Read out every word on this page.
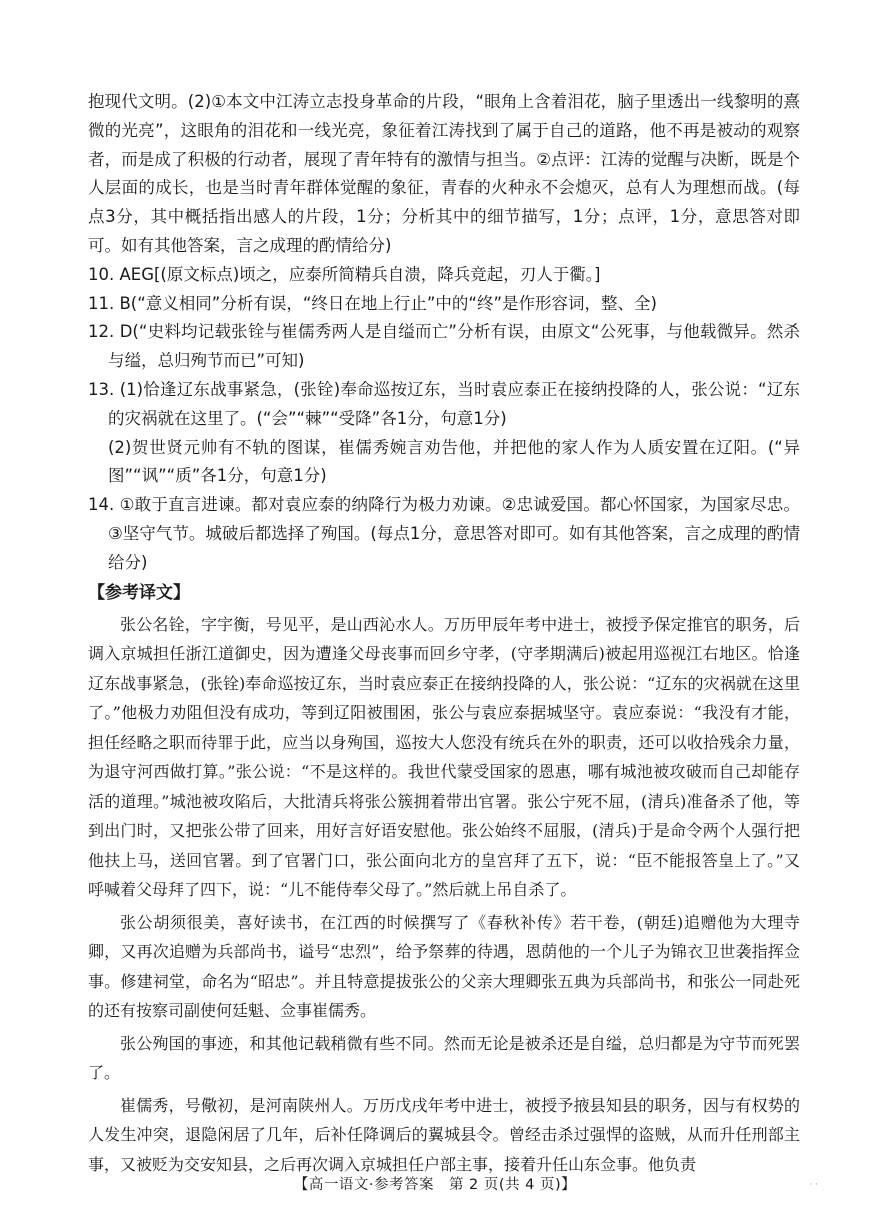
抱现代文明。(2)①本文中江涛立志投身革命的片段，“眼角上含着泪花，脑子里透出一线黎明的熹微的光亮”，这眼角的泪花和一线光亮，象征着江涛找到了属于自己的道路，他不再是被动的观察者，而是成了积极的行动者，展现了青年特有的激情与担当。②点评：江涛的觉醒与决断，既是个人层面的成长，也是当时青年群体觉醒的象征，青春的火种永不会熄灭，总有人为理想而战。(每点3分，其中概括指出感人的片段，1分；分析其中的细节描写，1分；点评，1分，意思答对即可。如有其他答案，言之成理的酌情给分)

10. AEG[(原文标点)顷之，应泰所简精兵自溃，降兵竞起，刃人于衢。]

11. B(“意义相同”分析有误，“终日在地上行止”中的“终”是作形容词，整、全)

12. D(“史料均记载张铨与崔儒秀两人是自缢而亡”分析有误，由原文“公死事，与他载微异。然杀与缢，总归殉节而已”可知)

13. (1)恰逢辽东战事紧急，(张铨)奉命巡按辽东，当时袁应泰正在接纳投降的人，张公说：“辽东的灾祸就在这里了。(“会”“棘”“受降”各1分，句意1分)

(2)贺世贤元帅有不轨的图谋，崔儒秀婉言劝告他，并把他的家人作为人质安置在辽阳。(“异图”“讽”“质”各1分，句意1分)

14. ①敢于直言进谏。都对袁应泰的纳降行为极力劝谏。②忠诚爱国。都心怀国家，为国家尽忠。③坚守气节。城破后都选择了殉国。(每点1分，意思答对即可。如有其他答案，言之成理的酌情给分)

【参考译文】

张公名铨，字宇衡，号见平，是山西沁水人。万历甲辰年考中进士，被授予保定推官的职务，后调入京城担任浙江道御史，因为遭逢父母丧事而回乡守孝，(守孝期满后)被起用巡视江右地区。恰逢辽东战事紧急，(张铨)奉命巡按辽东，当时袁应泰正在接纳投降的人，张公说：“辽东的灾祸就在这里了。”他极力劝阻但没有成功，等到辽阳被围困，张公与袁应泰据城坚守。袁应泰说：“我没有才能，担任经略之职而待罪于此，应当以身殉国，巡按大人您没有统兵在外的职责，还可以收拾残余力量，为退守河西做打算。”张公说：“不是这样的。我世代蒙受国家的恩惠，哪有城池被攻破而自己却能存活的道理。”城池被攻陷后，大批清兵将张公簇拥着带出官署。张公宁死不屈，(清兵)准备杀了他，等到出门时，又把张公带了回来，用好言好语安慰他。张公始终不屈服，(清兵)于是命令两个人强行把他扶上马，送回官署。到了官署门口，张公面向北方的皇宫拜了五下，说：“臣不能报答皇上了。”又呼喊着父母拜了四下，说：“儿不能侍奉父母了。”然后就上吊自杀了。

张公胡须很美，喜好读书，在江西的时候撰写了《春秋补传》若干卷，(朝廷)追赠他为大理寺卿，又再次追赠为兵部尚书，谥号“忠烈”，给予祭葬的待遇，恩荫他的一个儿子为锦衣卫世袭指挥佥事。修建祠堂，命名为“昭忠”。并且特意提拔张公的父亲大理卿张五典为兵部尚书，和张公一同赴死的还有按察司副使何廷魁、佥事崔儒秀。

张公殉国的事迹，和其他记载稍微有些不同。然而无论是被杀还是自缢，总归都是为守节而死罢了。

崔儒秀，号儆初，是河南陕州人。万历戊戌年考中进士，被授予掖县知县的职务，因与有权势的人发生冲突，退隐闲居了几年，后补任降调后的翼城县令。曾经击杀过强悍的盗贼，从而升任刑部主事，又被贬为交安知县，之后再次调入京城担任户部主事，接着升任山东佥事。他负责

【高一语文·参考答案　第 2 页(共 4 页)】	· ·
